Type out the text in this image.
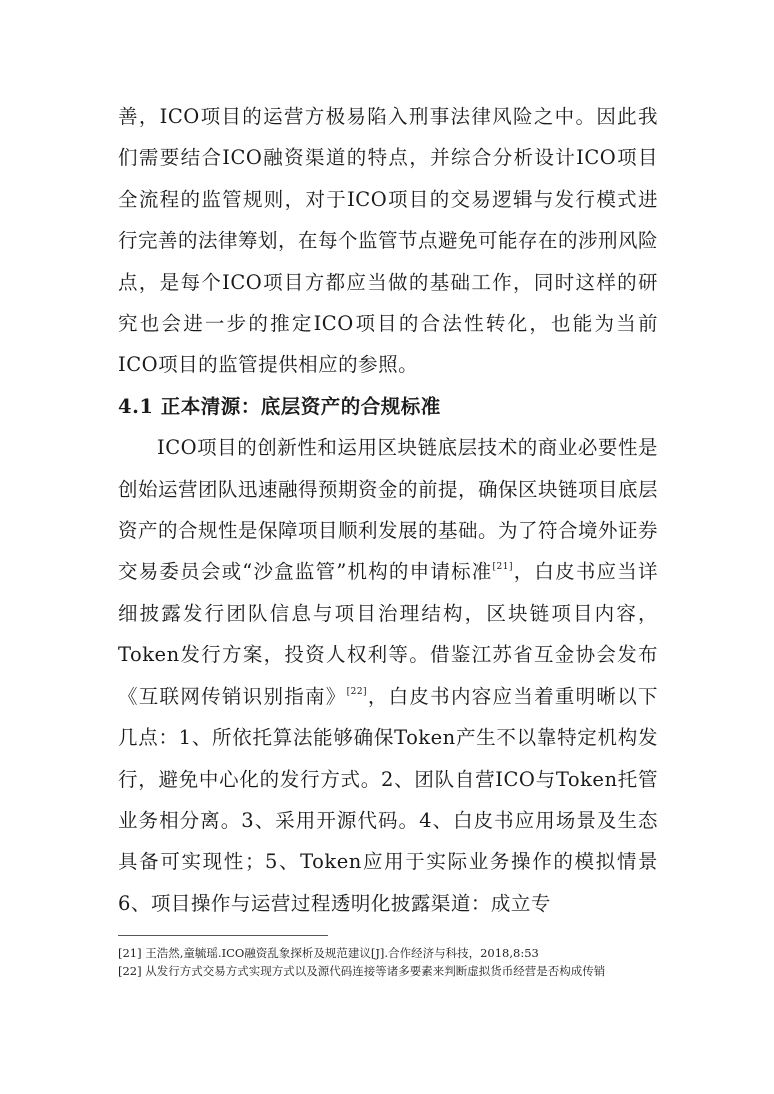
善，ICO项目的运营方极易陷入刑事法律风险之中。因此我们需要结合ICO融资渠道的特点，并综合分析设计ICO项目全流程的监管规则，对于ICO项目的交易逻辑与发行模式进行完善的法律筹划，在每个监管节点避免可能存在的涉刑风险点，是每个ICO项目方都应当做的基础工作，同时这样的研究也会进一步的推定ICO项目的合法性转化，也能为当前ICO项目的监管提供相应的参照。

4.1 正本清源：底层资产的合规标准

ICO项目的创新性和运用区块链底层技术的商业必要性是创始运营团队迅速融得预期资金的前提，确保区块链项目底层资产的合规性是保障项目顺利发展的基础。为了符合境外证券交易委员会或“沙盒监管”机构的申请标准[21]，白皮书应当详细披露发行团队信息与项目治理结构，区块链项目内容，Token发行方案，投资人权利等。借鉴江苏省互金协会发布《互联网传销识别指南》[22]，白皮书内容应当着重明晰以下几点：1、所依托算法能够确保Token产生不以靠特定机构发行，避免中心化的发行方式。2、团队自营ICO与Token托管业务相分离。3、采用开源代码。4、白皮书应用场景及生态具备可实现性；5、Token应用于实际业务操作的模拟情景 6、项目操作与运营过程透明化披露渠道：成立专

[21] 王浩然,童毓瑶.ICO融资乱象探析及规范建议[J].合作经济与科技，2018,8:53

[22] 从发行方式交易方式实现方式以及源代码连接等诸多要素来判断虚拟货币经营是否构成传销
